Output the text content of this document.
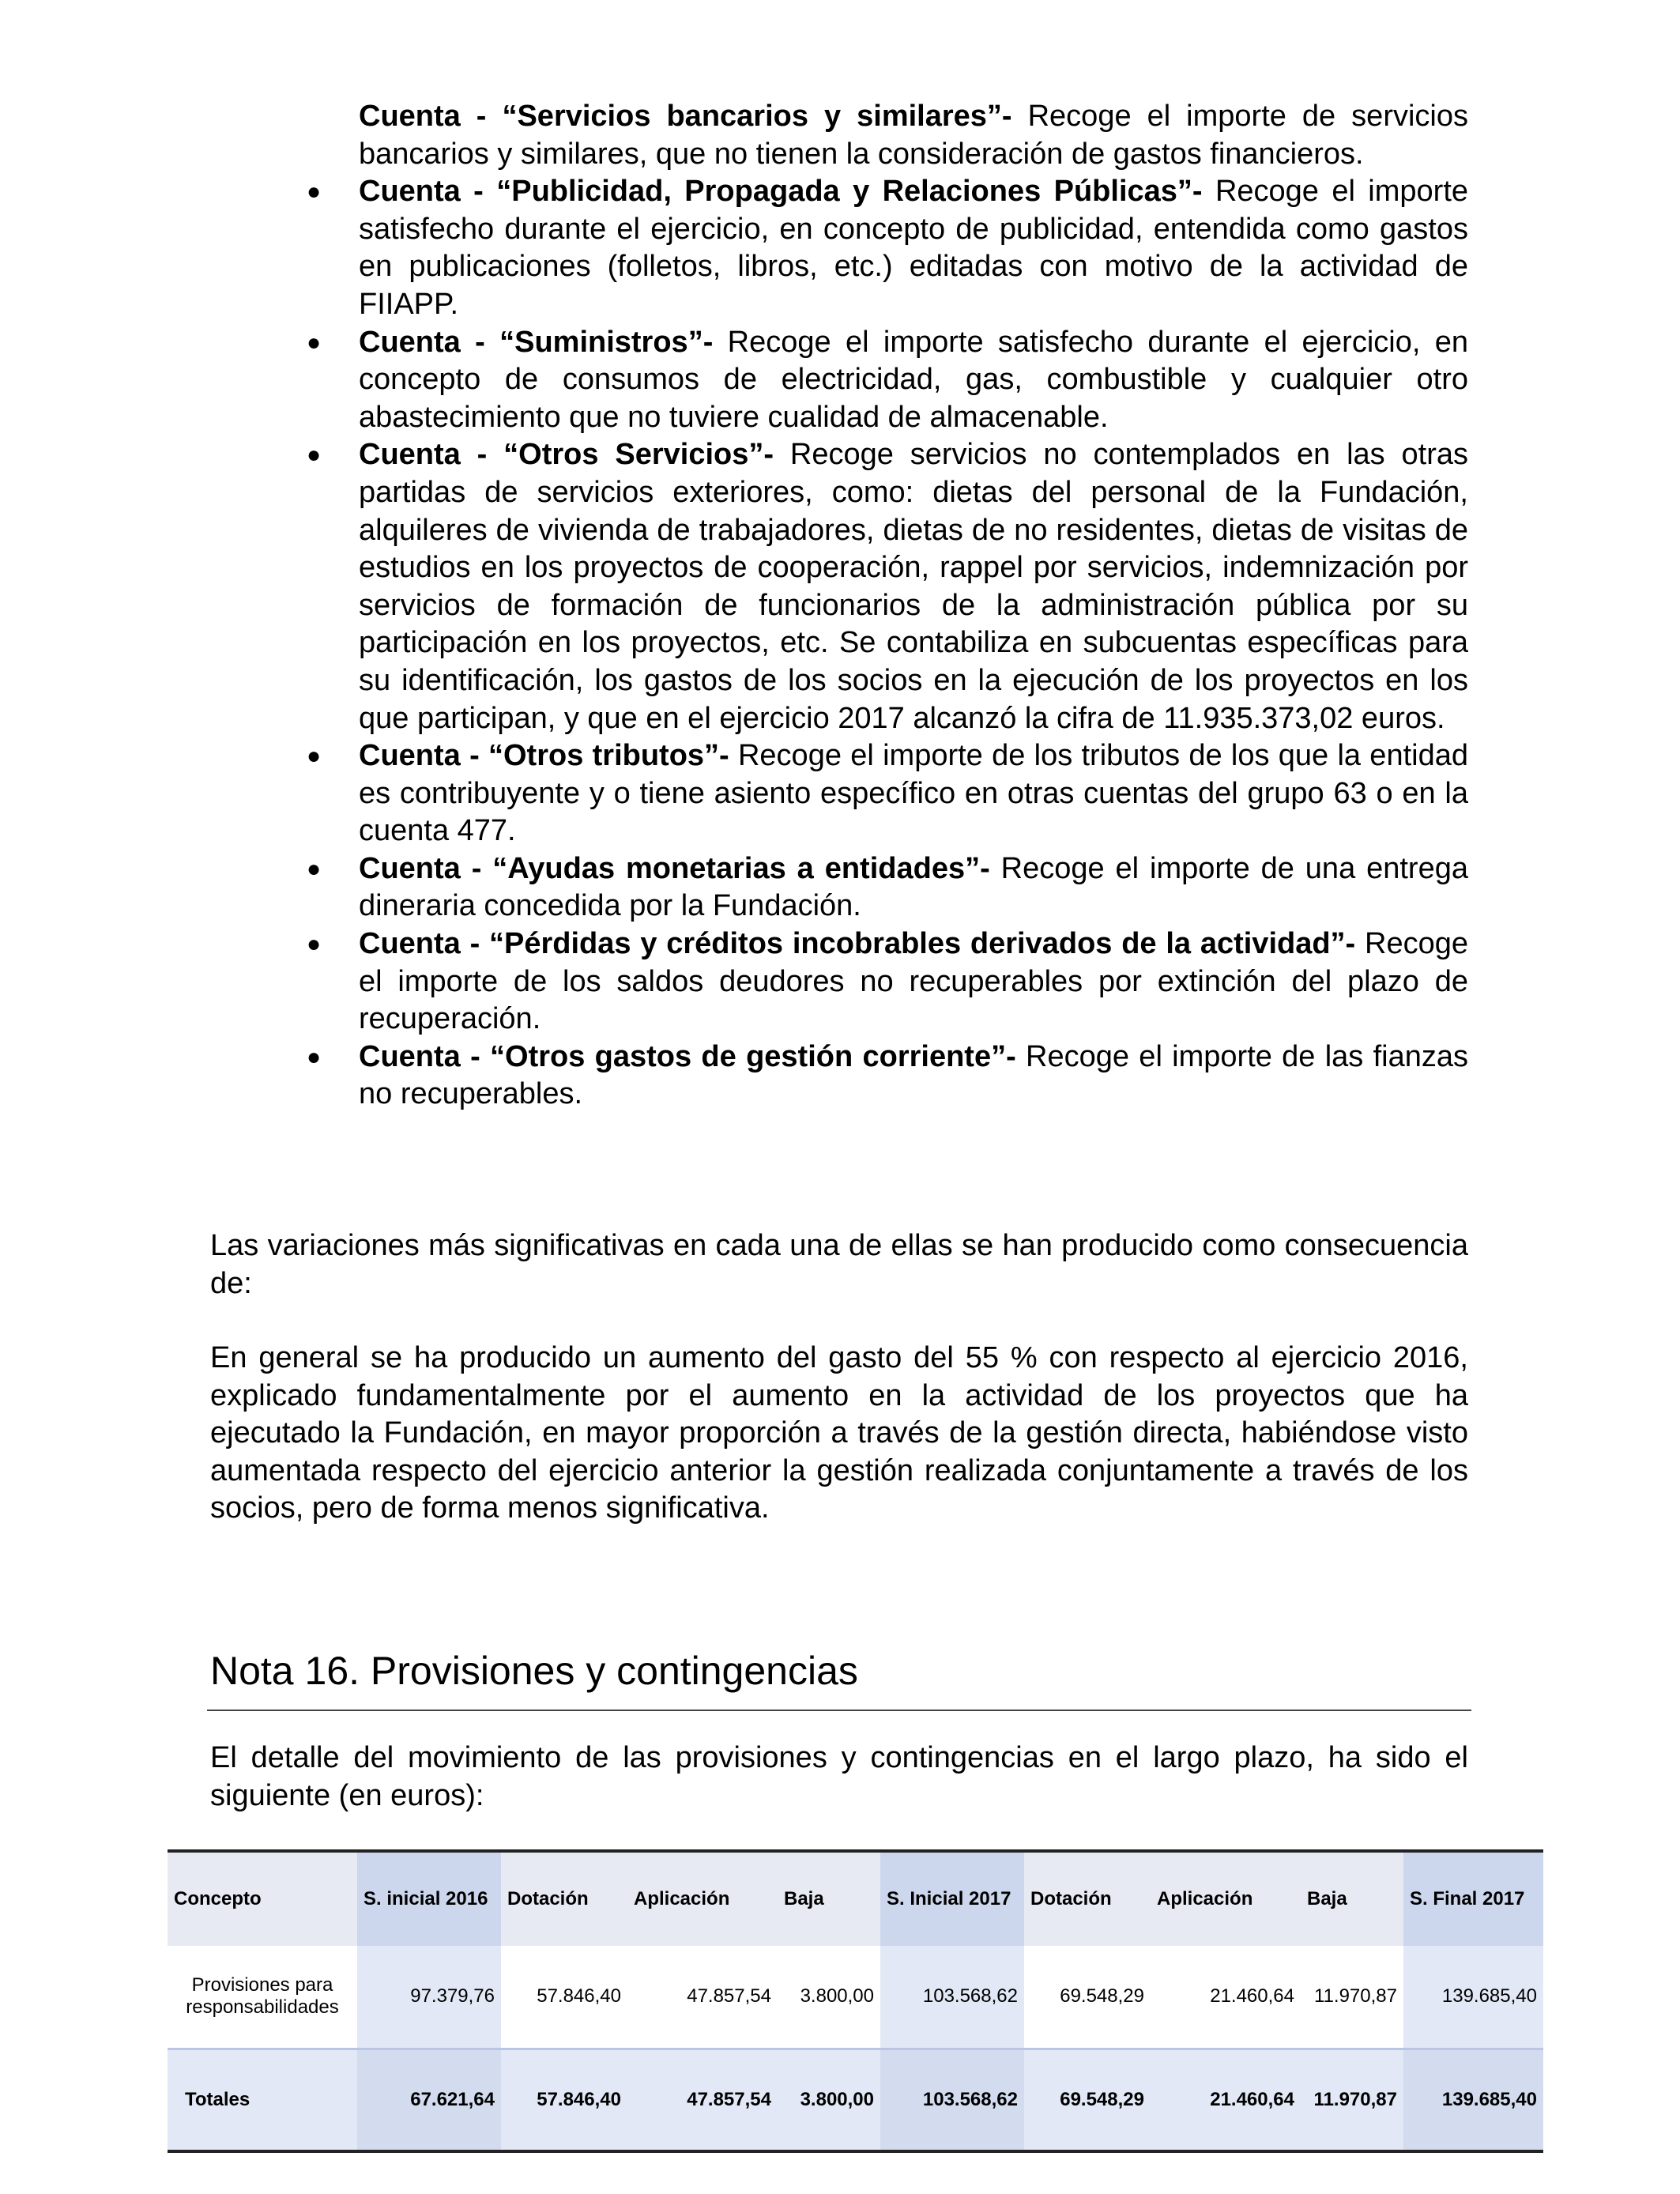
Cuenta - “Servicios bancarios y similares”- Recoge el importe de servicios bancarios y similares, que no tienen la consideración de gastos financieros.
● Cuenta - “Publicidad, Propagada y Relaciones Públicas”- Recoge el importe satisfecho durante el ejercicio, en concepto de publicidad, entendida como gastos en publicaciones (folletos, libros, etc.) editadas con motivo de la actividad de FIIAPP.
● Cuenta - “Suministros”- Recoge el importe satisfecho durante el ejercicio, en concepto de consumos de electricidad, gas, combustible y cualquier otro abastecimiento que no tuviere cualidad de almacenable.
● Cuenta - “Otros Servicios”- Recoge servicios no contemplados en las otras partidas de servicios exteriores, como: dietas del personal de la Fundación, alquileres de vivienda de trabajadores, dietas de no residentes, dietas de visitas de estudios en los proyectos de cooperación, rappel por servicios, indemnización por servicios de formación de funcionarios de la administración pública por su participación en los proyectos, etc. Se contabiliza en subcuentas específicas para su identificación, los gastos de los socios en la ejecución de los proyectos en los que participan, y que en el ejercicio 2017 alcanzó la cifra de 11.935.373,02 euros.
● Cuenta - “Otros tributos”- Recoge el importe de los tributos de los que la entidad es contribuyente y o tiene asiento específico en otras cuentas del grupo 63 o en la cuenta 477.
● Cuenta - “Ayudas monetarias a entidades”- Recoge el importe de una entrega dineraria concedida por la Fundación.
● Cuenta - “Pérdidas y créditos incobrables derivados de la actividad”- Recoge el importe de los saldos deudores no recuperables por extinción del plazo de recuperación.
● Cuenta - “Otros gastos de gestión corriente”- Recoge el importe de las fianzas no recuperables.

Las variaciones más significativas en cada una de ellas se han producido como consecuencia de:

En general se ha producido un aumento del gasto del 55 % con respecto al ejercicio 2016, explicado fundamentalmente por el aumento en la actividad de los proyectos que ha ejecutado la Fundación, en mayor proporción a través de la gestión directa, habiéndose visto aumentada respecto del ejercicio anterior la gestión realizada conjuntamente a través de los socios, pero de forma menos significativa.

Nota 16. Provisiones y contingencias

El detalle del movimiento de las provisiones y contingencias en el largo plazo, ha sido el siguiente (en euros):

Concepto	S. inicial 2016	Dotación	Aplicación	Baja	S. Inicial 2017	Dotación	Aplicación	Baja	S. Final 2017
Provisiones para responsabilidades	97.379,76	57.846,40	47.857,54	3.800,00	103.568,62	69.548,29	21.460,64	11.970,87	139.685,40
Totales	67.621,64	57.846,40	47.857,54	3.800,00	103.568,62	69.548,29	21.460,64	11.970,87	139.685,40
